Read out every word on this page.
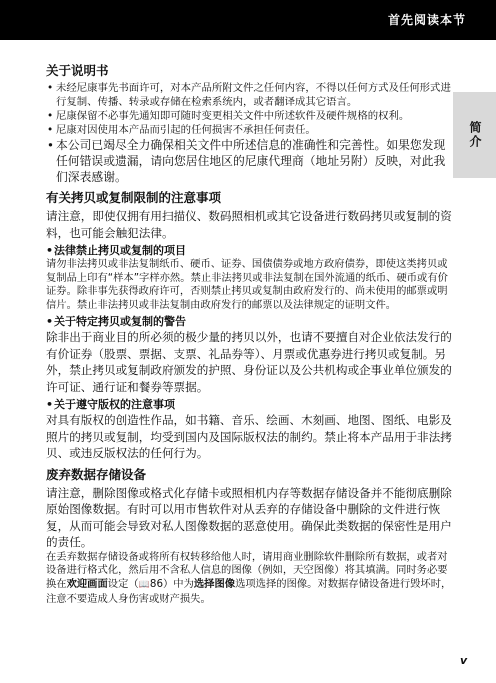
首先阅读本节
简介
关于说明书
• 未经尼康事先书面许可，对本产品所附文件之任何内容，不得以任何方式及任何形式进行复制、传播、转录或存储在检索系统内，或者翻译成其它语言。
• 尼康保留不必事先通知即可随时变更相关文件中所述软件及硬件规格的权利。
• 尼康对因使用本产品而引起的任何损害不承担任何责任。
• 本公司已竭尽全力确保相关文件中所述信息的准确性和完善性。如果您发现任何错误或遗漏，请向您居住地区的尼康代理商（地址另附）反映，对此我们深表感谢。
有关拷贝或复制限制的注意事项

请注意，即使仅拥有用扫描仪、数码照相机或其它设备进行数码拷贝或复制的资料，也可能会触犯法律。

• 法律禁止拷贝或复制的项目

请勿非法拷贝或非法复制纸币、硬币、证券、国债债券或地方政府债券，即使这类拷贝或复制品上印有“样本”字样亦然。禁止非法拷贝或非法复制在国外流通的纸币、硬币或有价证券。除非事先获得政府许可，否则禁止拷贝或复制由政府发行的、尚未使用的邮票或明信片。禁止非法拷贝或非法复制由政府发行的邮票以及法律规定的证明文件。

• 关于特定拷贝或复制的警告

除非出于商业目的所必须的极少量的拷贝以外，也请不要擅自对企业依法发行的有价证券（股票、票据、支票、礼品券等）、月票或优惠券进行拷贝或复制。另外，禁止拷贝或复制政府颁发的护照、身份证以及公共机构或企事业单位颁发的许可证、通行证和餐券等票据。

• 关于遵守版权的注意事项

对具有版权的创造性作品，如书籍、音乐、绘画、木刻画、地图、图纸、电影及照片的拷贝或复制，均受到国内及国际版权法的制约。禁止将本产品用于非法拷贝、或违反版权法的任何行为。

废弃数据存储设备

请注意，删除图像或格式化存储卡或照相机内存等数据存储设备并不能彻底删除原始图像数据。有时可以用市售软件对从丢弃的存储设备中删除的文件进行恢复，从而可能会导致对私人图像数据的恶意使用。确保此类数据的保密性是用户的责任。

在丢弃数据存储设备或将所有权转移给他人时，请用商业删除软件删除所有数据，或者对设备进行格式化，然后用不含私人信息的图像（例如，天空图像）将其填满。同时务必要换在欢迎画面设定（📖86）中为选择图像选项选择的图像。对数据存储设备进行毁坏时，注意不要造成人身伤害或财产损失。

v
